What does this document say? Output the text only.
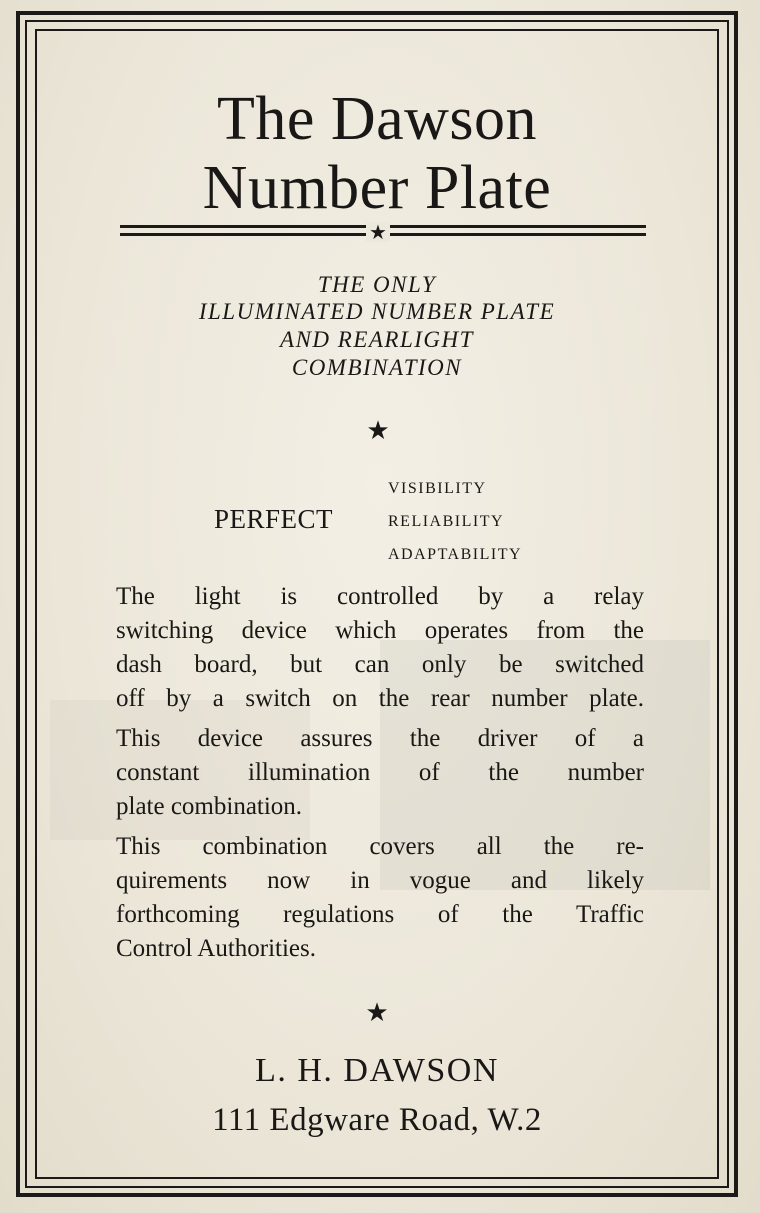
The Dawson
Number Plate
★
THE ONLY
ILLUMINATED NUMBER PLATE
AND REARLIGHT
COMBINATION
★
PERFECT
VISIBILITY
RELIABILITY
ADAPTABILITY
The light is controlled by a relay
switching device which operates from the
dash board, but can only be switched
off by a switch on the rear number plate.
This device assures the driver of a
constant illumination of the number
plate combination.
This combination covers all the re-
quirements now in vogue and likely
forthcoming regulations of the Traffic
Control Authorities.
★
L. H. DAWSON
111 Edgware Road, W.2
